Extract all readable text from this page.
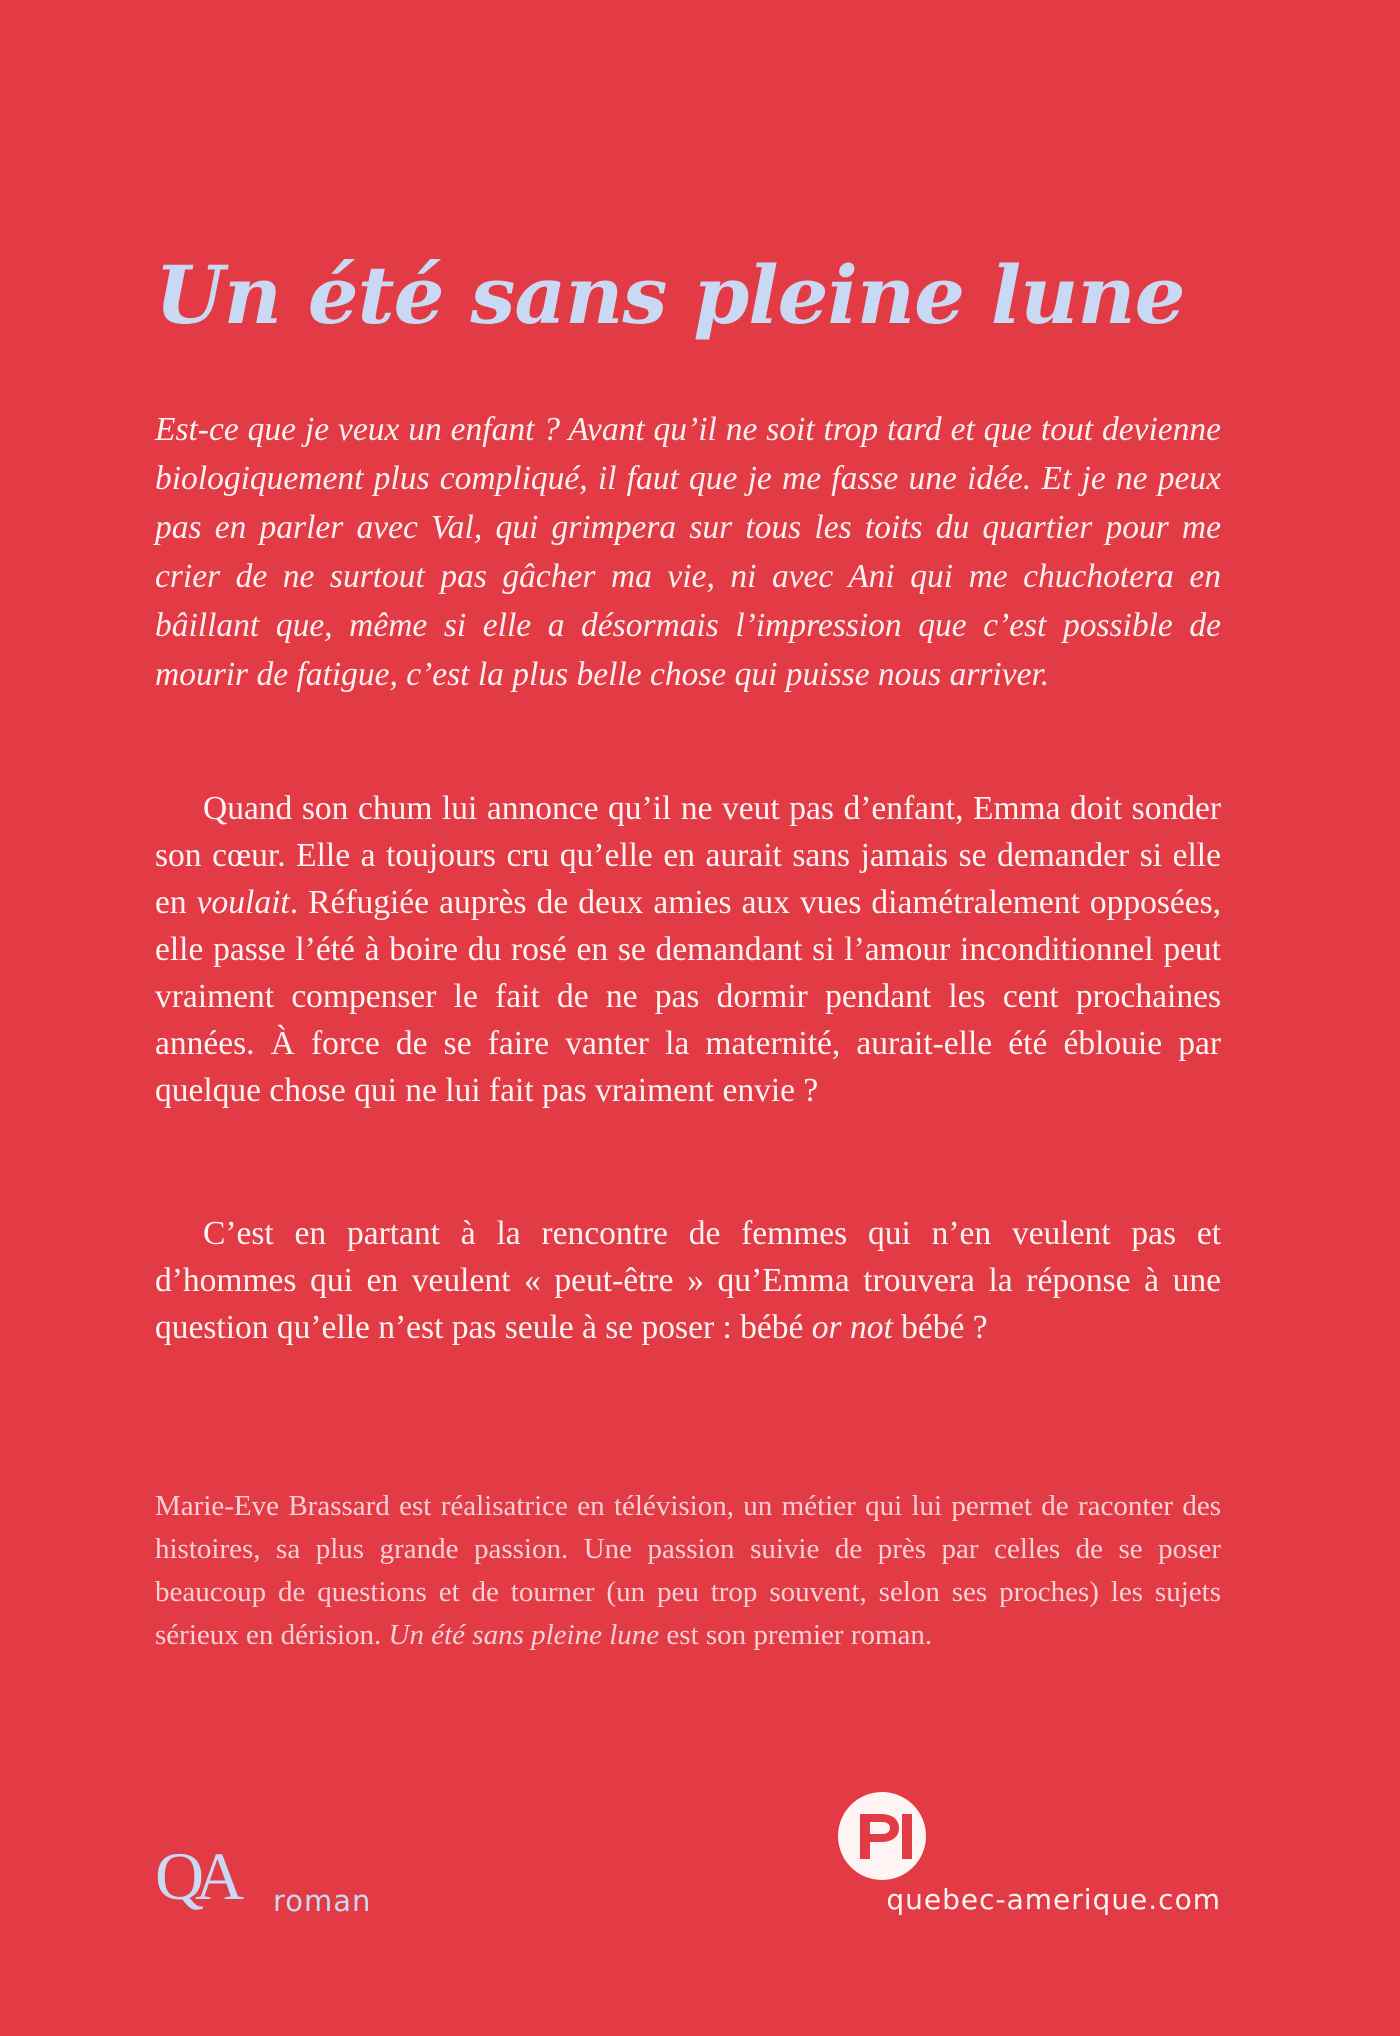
Un été sans pleine lune

Est-ce que je veux un enfant ? Avant qu’il ne soit trop tard et que tout devienne biologiquement plus compliqué, il faut que je me fasse une idée. Et je ne peux pas en parler avec Val, qui grimpera sur tous les toits du quartier pour me crier de ne surtout pas gâcher ma vie, ni avec Ani qui me chuchotera en bâillant que, même si elle a désormais l’impression que c’est possible de mourir de fatigue, c’est la plus belle chose qui puisse nous arriver.

Quand son chum lui annonce qu’il ne veut pas d’enfant, Emma doit sonder son cœur. Elle a toujours cru qu’elle en aurait sans jamais se demander si elle en voulait. Réfugiée auprès de deux amies aux vues diamétralement opposées, elle passe l’été à boire du rosé en se demandant si l’amour inconditionnel peut vraiment compenser le fait de ne pas dormir pendant les cent prochaines années. À force de se faire vanter la maternité, aurait-elle été éblouie par quelque chose qui ne lui fait pas vraiment envie ?

C’est en partant à la rencontre de femmes qui n’en veulent pas et d’hommes qui en veulent « peut-être » qu’Emma trouvera la réponse à une question qu’elle n’est pas seule à se poser : bébé or not bébé ?

Marie-Eve Brassard est réalisatrice en télévision, un métier qui lui permet de raconter des histoires, sa plus grande passion. Une passion suivie de près par celles de se poser beaucoup de questions et de tourner (un peu trop souvent, selon ses proches) les sujets sérieux en dérision. Un été sans pleine lune est son premier roman.

Q
A roman	quebec-amerique.com
